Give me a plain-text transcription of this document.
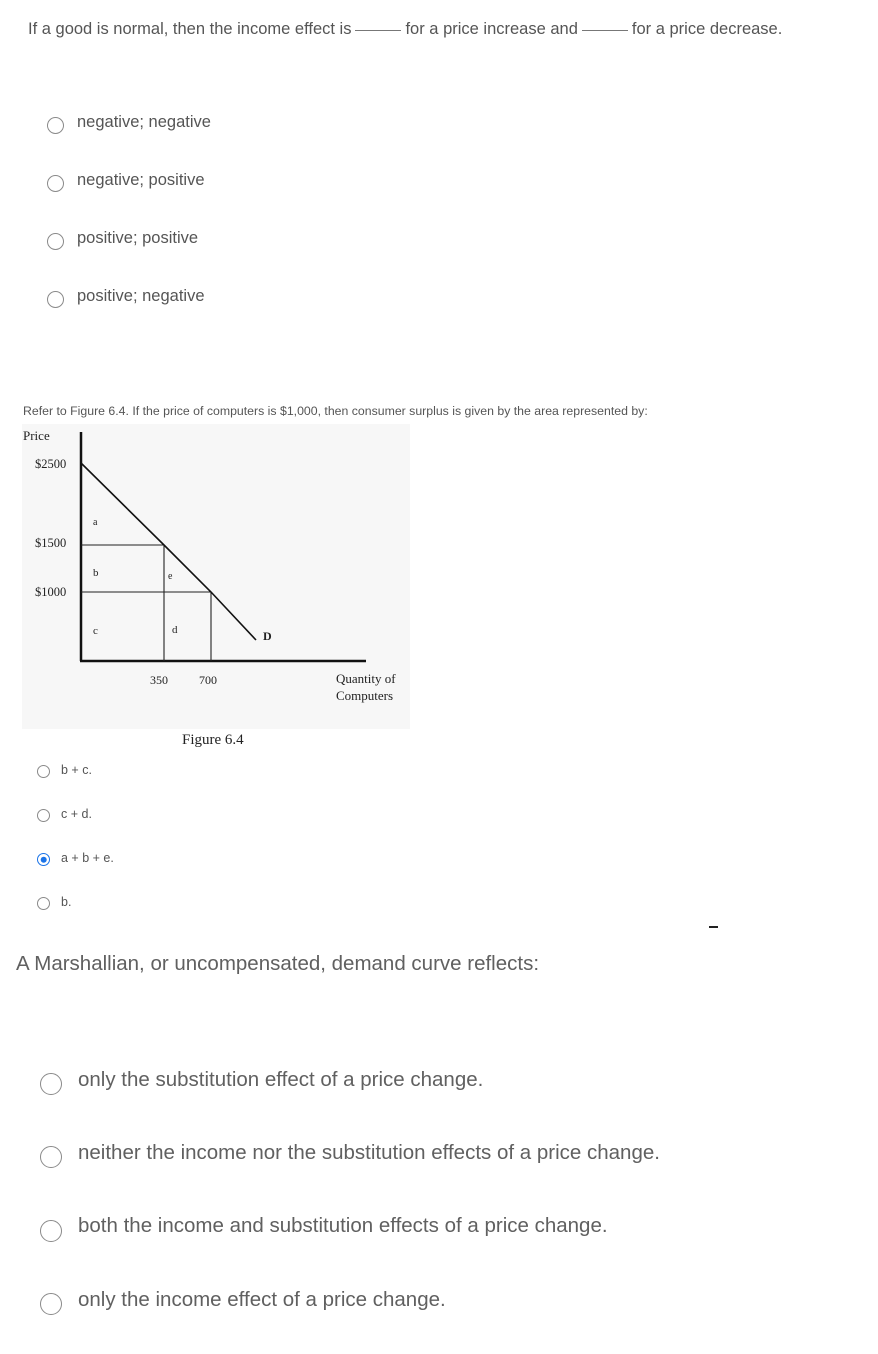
If a good is normal, then the income effect is	for a price increase and	for a price decrease.
negative; negative
negative; positive
positive; positive
positive; negative
Refer to Figure 6.4. If the price of computers is $1,000, then consumer surplus is given by the area represented by:
Price
$2500
$1500
$1000
350	700	Quantity of
Computers
a
b
c	d
e
D
Figure 6.4
b + c.
c + d.
a + b + e.
b.
A Marshallian, or uncompensated, demand curve reflects:
only the substitution effect of a price change.
neither the income nor the substitution effects of a price change.
both the income and substitution effects of a price change.
only the income effect of a price change.
